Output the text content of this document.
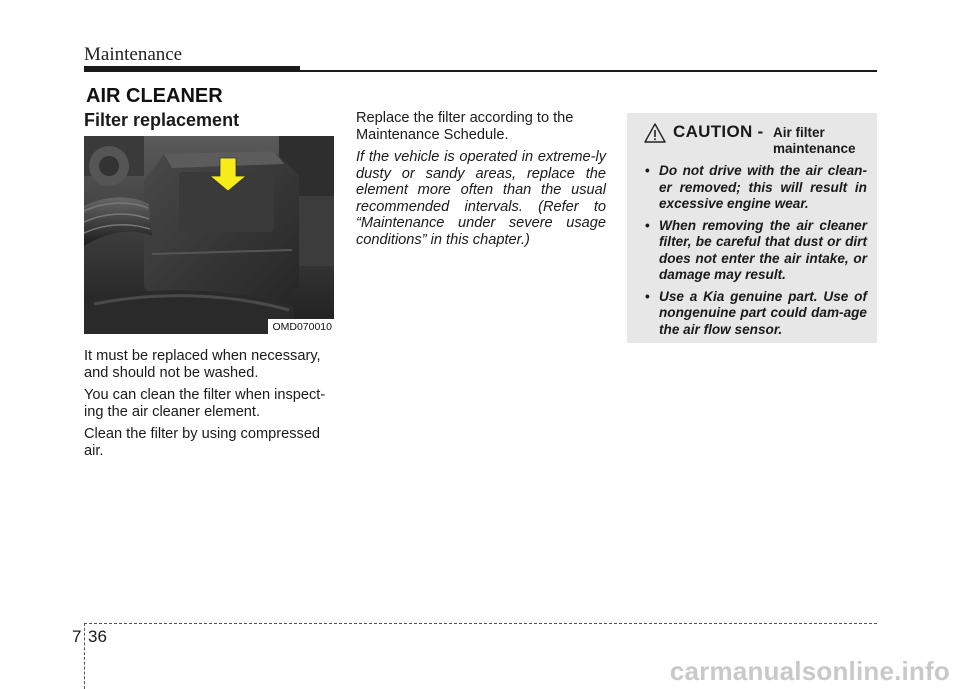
Maintenance
AIR CLEANER
Filter replacement
OMD070010

It must be replaced when necessary, and should not be washed.

You can clean the filter when inspect-ing the air cleaner element.

Clean the filter by using compressed air.

Replace the filter according to the Maintenance Schedule.

If the vehicle is operated in extreme-ly dusty or sandy areas, replace the element more often than the usual recommended intervals. (Refer to “Maintenance under severe usage conditions” in this chapter.)

CAUTION - Air filter maintenance
• Do not drive with the air clean-er removed; this will result in excessive engine wear.
• When removing the air cleaner filter, be careful that dust or dirt does not enter the air intake, or damage may result.
• Use a Kia genuine part. Use of nongenuine part could dam-age the air flow sensor.
7 36
carmanualsonline.info
